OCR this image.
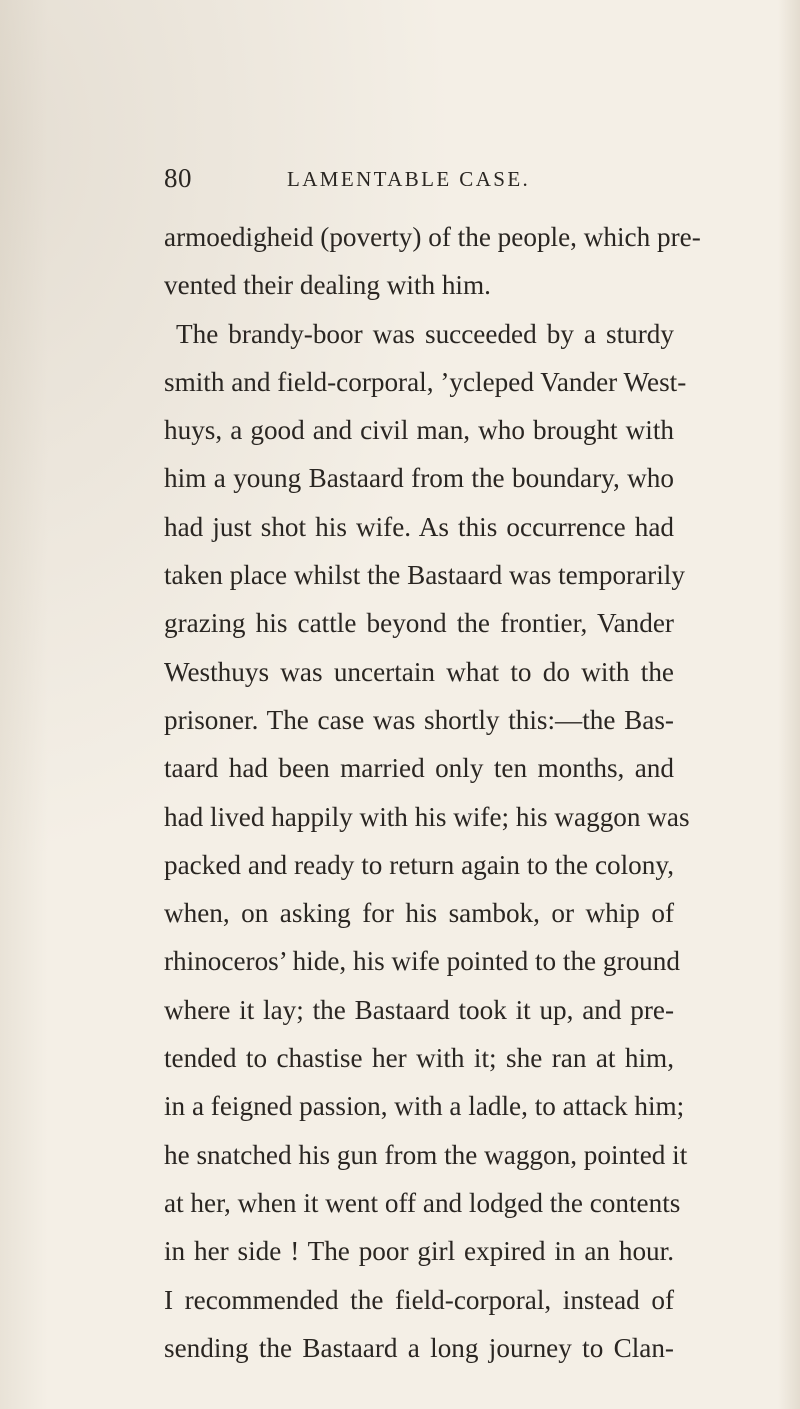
80	LAMENTABLE CASE.
armoedigheid (poverty) of the people, which pre-
vented their dealing with him.
The brandy-boor was succeeded by a sturdy
smith and field-corporal, ’ycleped Vander West-
huys, a good and civil man, who brought with
him a young Bastaard from the boundary, who
had just shot his wife. As this occurrence had
taken place whilst the Bastaard was temporarily
grazing his cattle beyond the frontier, Vander
Westhuys was uncertain what to do with the
prisoner. The case was shortly this:—the Bas-
taard had been married only ten months, and
had lived happily with his wife; his waggon was
packed and ready to return again to the colony,
when, on asking for his sambok, or whip of
rhinoceros’ hide, his wife pointed to the ground
where it lay; the Bastaard took it up, and pre-
tended to chastise her with it; she ran at him,
in a feigned passion, with a ladle, to attack him;
he snatched his gun from the waggon, pointed it
at her, when it went off and lodged the contents
in her side ! The poor girl expired in an hour.
I recommended the field-corporal, instead of
sending the Bastaard a long journey to Clan-
